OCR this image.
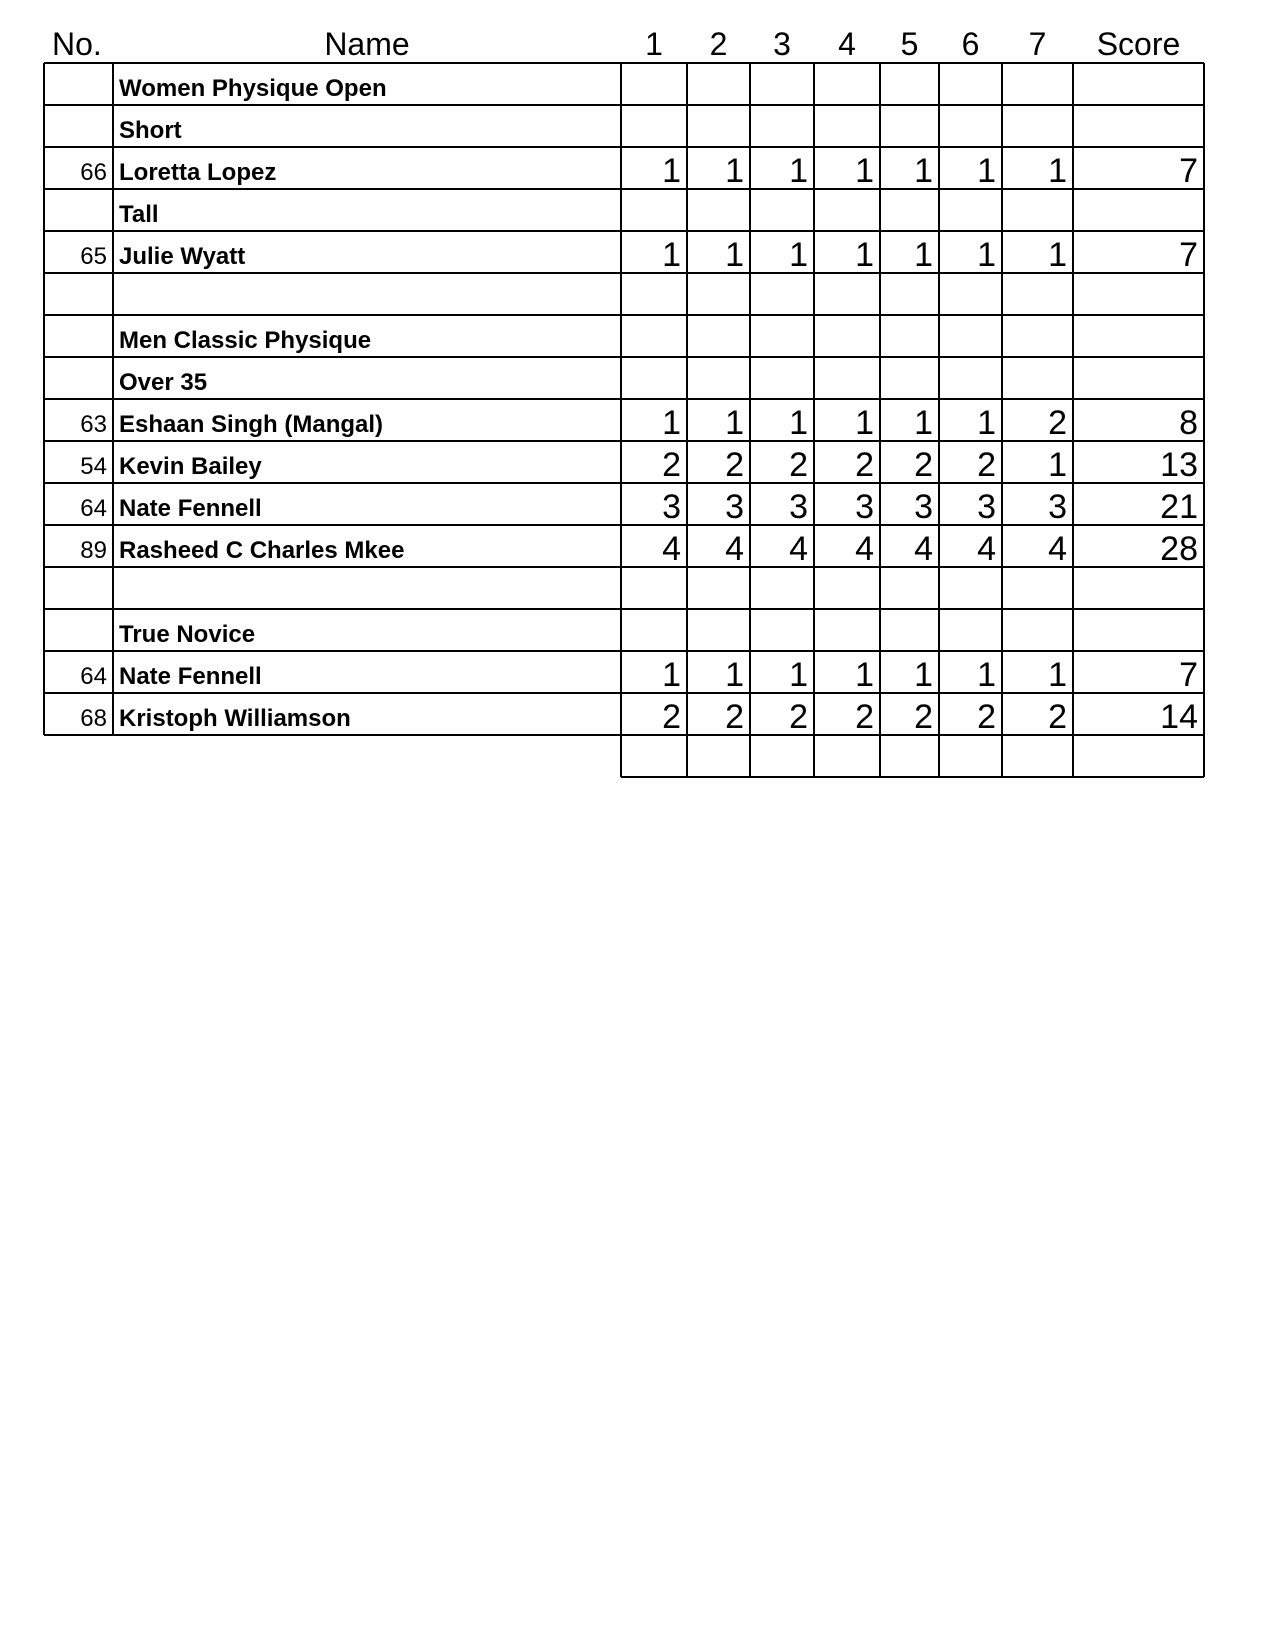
No.	Name	1	2	3	4	5	6	7	Score
Women Physique Open
Short
66 Loretta Lopez	1	1	1	1	1	1	1	7
Tall
65 Julie Wyatt	1	1	1	1	1	1	1	7
Men Classic Physique
Over 35
63 Eshaan Singh (Mangal)	1	1	1	1	1	1	2	8
54 Kevin Bailey	2	2	2	2	2	2	1	13
64 Nate Fennell	3	3	3	3	3	3	3	21
89 Rasheed C Charles Mkee	4	4	4	4	4	4	4	28
True Novice
64 Nate Fennell	1	1	1	1	1	1	1	7
68 Kristoph Williamson	2	2	2	2	2	2	2	14
